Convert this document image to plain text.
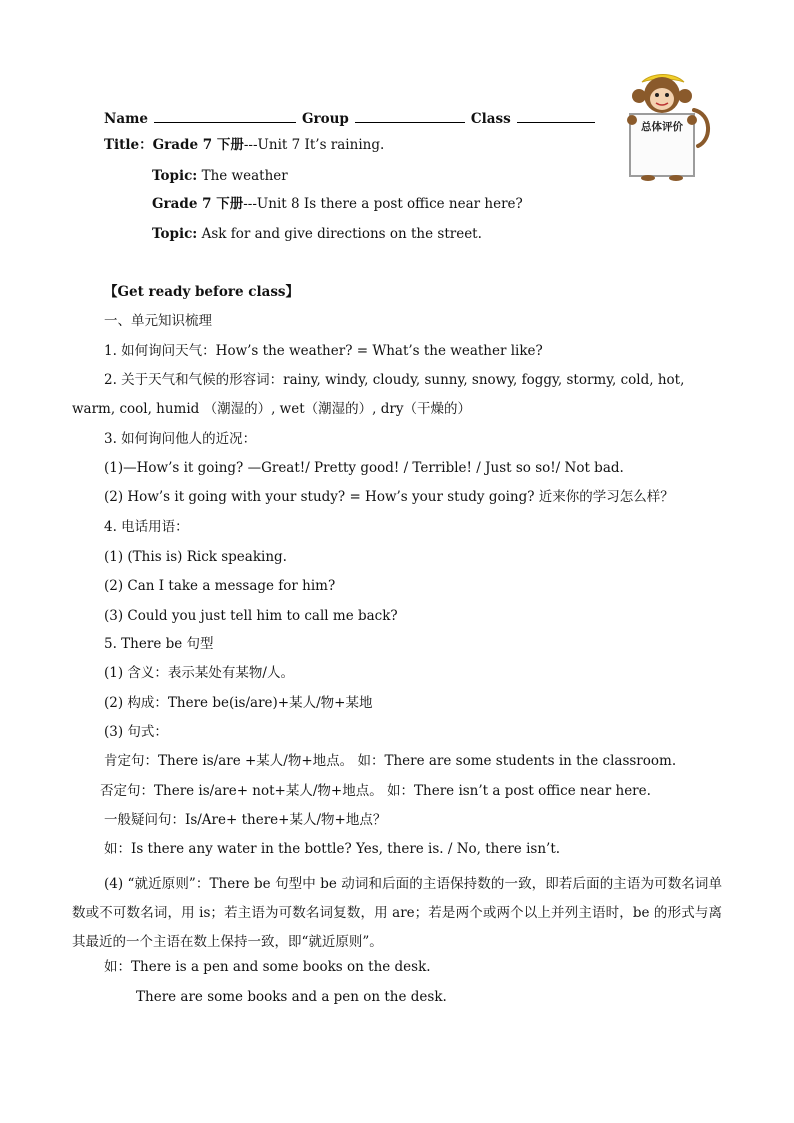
Name	Group	Class
Title：Grade 7 下册---Unit 7 It’s raining.
Topic: The weather
Grade 7 下册---Unit 8 Is there a post office near here?
Topic: Ask for and give directions on the street.
总体评价
【Get ready before class】
一、单元知识梳理
1. 如何询问天气：How’s the weather? = What’s the weather like?
2. 关于天气和气候的形容词：rainy, windy, cloudy, sunny, snowy, foggy, stormy, cold, hot,
warm, cool, humid （潮湿的）, wet（潮湿的）, dry（干燥的）
3. 如何询问他人的近况：
(1)—How’s it going? —Great!/ Pretty good! / Terrible! / Just so so!/ Not bad.
(2) How’s it going with your study? = How’s your study going? 近来你的学习怎么样？
4. 电话用语：
(1) (This is) Rick speaking.
(2) Can I take a message for him?
(3) Could you just tell him to call me back?
5. There be 句型
(1) 含义：表示某处有某物/人。
(2) 构成：There be(is/are)+某人/物+某地
(3) 句式：
肯定句：There is/are +某人/物+地点。 如：There are some students in the classroom.
否定句：There is/are+ not+某人/物+地点。 如：There isn’t a post office near here.
一般疑问句：Is/Are+ there+某人/物+地点？
如：Is there any water in the bottle? Yes, there is. / No, there isn’t.
(4) “就近原则”：There be 句型中 be 动词和后面的主语保持数的一致，即若后面的主语为可数名词单数或不可数名词，用 is；若主语为可数名词复数，用 are；若是两个或两个以上并列主语时，be 的形式与离其最近的一个主语在数上保持一致，即“就近原则”。
如：There is a pen and some books on the desk.
There are some books and a pen on the desk.
